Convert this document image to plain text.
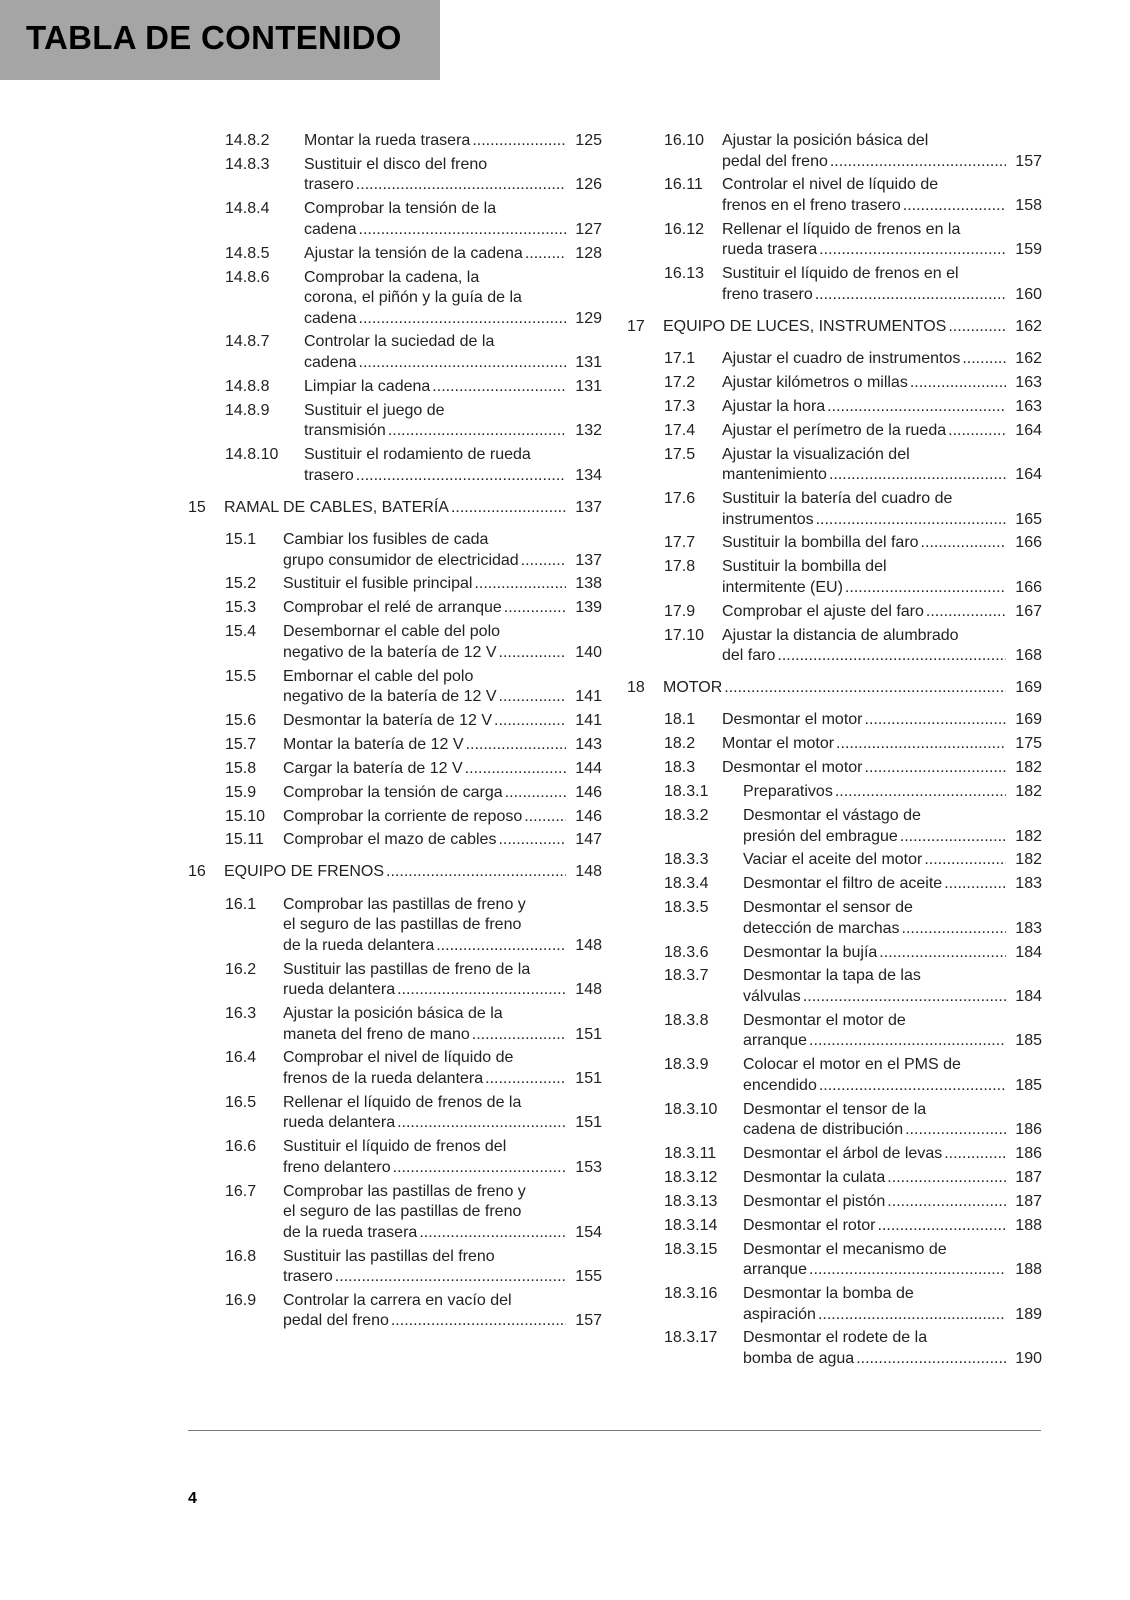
TABLA DE CONTENIDO
14.8.2	Montar la rueda trasera .....	125
14.8.3	Sustituir el disco del freno
trasero .....	126
14.8.4	Comprobar la tensión de la
cadena .....	127
14.8.5	Ajustar la tensión de la cadena .....	128
14.8.6	Comprobar la cadena, la
corona, el piñón y la guía de la
cadena .....	129
14.8.7	Controlar la suciedad de la
cadena .....	131
14.8.8	Limpiar la cadena .....	131
14.8.9	Sustituir el juego de
transmisión .....	132
14.8.10	Sustituir el rodamiento de rueda
trasero .....	134
15	RAMAL DE CABLES, BATERÍA .....	137
15.1	Cambiar los fusibles de cada
grupo consumidor de electricidad .....	137
15.2	Sustituir el fusible principal .....	138
15.3	Comprobar el relé de arranque .....	139
15.4	Desembornar el cable del polo
negativo de la batería de 12 V .....	140
15.5	Embornar el cable del polo
negativo de la batería de 12 V .....	141
15.6	Desmontar la batería de 12 V .....	141
15.7	Montar la batería de 12 V .....	143
15.8	Cargar la batería de 12 V .....	144
15.9	Comprobar la tensión de carga .....	146
15.10	Comprobar la corriente de reposo .....	146
15.11	Comprobar el mazo de cables .....	147
16	EQUIPO DE FRENOS .....	148
16.1	Comprobar las pastillas de freno y
el seguro de las pastillas de freno
de la rueda delantera .....	148
16.2	Sustituir las pastillas de freno de la
rueda delantera .....	148
16.3	Ajustar la posición básica de la
maneta del freno de mano .....	151
16.4	Comprobar el nivel de líquido de
frenos de la rueda delantera .....	151
16.5	Rellenar el líquido de frenos de la
rueda delantera .....	151
16.6	Sustituir el líquido de frenos del
freno delantero .....	153
16.7	Comprobar las pastillas de freno y
el seguro de las pastillas de freno
de la rueda trasera .....	154
16.8	Sustituir las pastillas del freno
trasero .....	155
16.9	Controlar la carrera en vacío del
pedal del freno .....	157
16.10	Ajustar la posición básica del
pedal del freno .....	157
16.11	Controlar el nivel de líquido de
frenos en el freno trasero .....	158
16.12	Rellenar el líquido de frenos en la
rueda trasera .....	159
16.13	Sustituir el líquido de frenos en el
freno trasero .....	160
17	EQUIPO DE LUCES, INSTRUMENTOS .....	162
17.1	Ajustar el cuadro de instrumentos .....	162
17.2	Ajustar kilómetros o millas .....	163
17.3	Ajustar la hora .....	163
17.4	Ajustar el perímetro de la rueda .....	164
17.5	Ajustar la visualización del
mantenimiento .....	164
17.6	Sustituir la batería del cuadro de
instrumentos .....	165
17.7	Sustituir la bombilla del faro .....	166
17.8	Sustituir la bombilla del
intermitente (EU) .....	166
17.9	Comprobar el ajuste del faro .....	167
17.10	Ajustar la distancia de alumbrado
del faro .....	168
18	MOTOR .....	169
18.1	Desmontar el motor .....	169
18.2	Montar el motor .....	175
18.3	Desmontar el motor .....	182
18.3.1	Preparativos .....	182
18.3.2	Desmontar el vástago de
presión del embrague .....	182
18.3.3	Vaciar el aceite del motor .....	182
18.3.4	Desmontar el filtro de aceite .....	183
18.3.5	Desmontar el sensor de
detección de marchas .....	183
18.3.6	Desmontar la bujía .....	184
18.3.7	Desmontar la tapa de las
válvulas .....	184
18.3.8	Desmontar el motor de
arranque .....	185
18.3.9	Colocar el motor en el PMS de
encendido .....	185
18.3.10	Desmontar el tensor de la
cadena de distribución .....	186
18.3.11	Desmontar el árbol de levas .....	186
18.3.12	Desmontar la culata .....	187
18.3.13	Desmontar el pistón .....	187
18.3.14	Desmontar el rotor .....	188
18.3.15	Desmontar el mecanismo de
arranque .....	188
18.3.16	Desmontar la bomba de
aspiración .....	189
18.3.17	Desmontar el rodete de la
bomba de agua .....	190
4
